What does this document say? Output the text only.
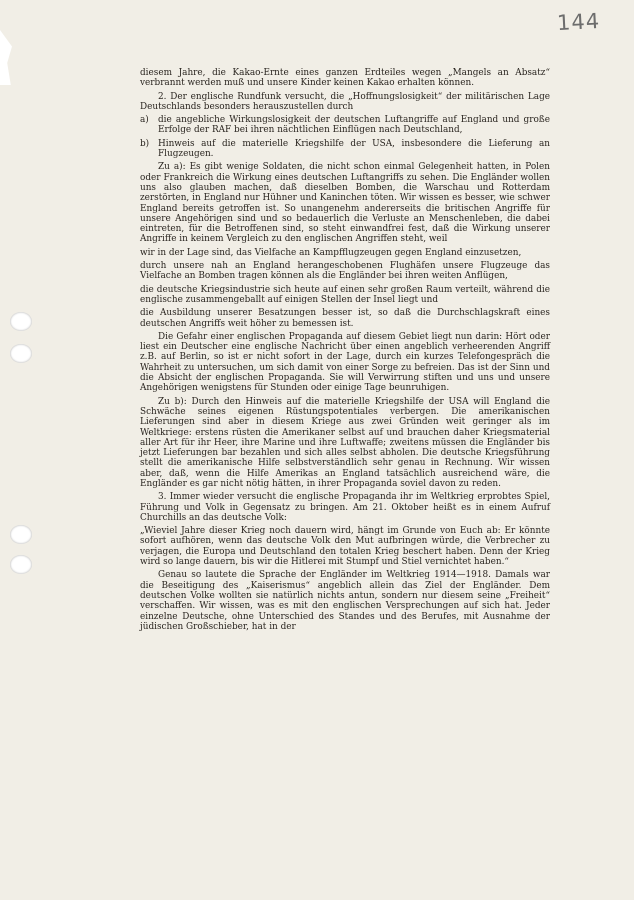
144

diesem Jahre, die Kakao-Ernte eines ganzen Erdteiles wegen „Mangels an Absatz“ verbrannt werden muß und unsere Kinder keinen Kakao erhalten können.

2. Der englische Rundfunk versucht, die „Hoffnungslosigkeit“ der militärischen Lage Deutschlands besonders herauszustellen durch

a)	die angebliche Wirkungslosigkeit der deutschen Luftangriffe auf England und große Erfolge der RAF bei ihren nächtlichen Einflügen nach Deutschland,
b) Hinweis auf die materielle Kriegshilfe der USA, insbesondere die Lieferung an Flugzeugen.

Zu a): Es gibt wenige Soldaten, die nicht schon einmal Gelegenheit hatten, in Polen oder Frankreich die Wirkung eines deutschen Luftangriffs zu sehen. Die Engländer wollen uns also glauben machen, daß dieselben Bomben, die Warschau und Rotterdam zerstörten, in England nur Hühner und Kaninchen töten. Wir wissen es besser, wie schwer England bereits getroffen ist. So unangenehm andererseits die britischen Angriffe für unsere Angehörigen sind und so bedauerlich die Verluste an Menschenleben, die dabei eintreten, für die Betroffenen sind, so steht einwandfrei fest, daß die Wirkung unserer Angriffe in keinem Vergleich zu den englischen Angriffen steht, weil

wir in der Lage sind, das Vielfache an Kampfflugzeugen gegen England einzusetzen,

durch unsere nah an England herangeschobenen Flughäfen unsere Flugzeuge das Vielfache an Bomben tragen können als die Engländer bei ihren weiten Anflügen,

die deutsche Kriegsindustrie sich heute auf einen sehr großen Raum verteilt, während die englische zusammengeballt auf einigen Stellen der Insel liegt und

die Ausbildung unserer Besatzungen besser ist, so daß die Durchschlagskraft eines deutschen Angriffs weit höher zu bemessen ist.

Die Gefahr einer englischen Propaganda auf diesem Gebiet liegt nun darin: Hört oder liest ein Deutscher eine englische Nachricht über einen angeblich verheerenden Angriff z.B. auf Berlin, so ist er nicht sofort in der Lage, durch ein kurzes Telefongespräch die Wahrheit zu untersuchen, um sich damit von einer Sorge zu befreien. Das ist der Sinn und die Absicht der englischen Propaganda. Sie will Verwirrung stiften und uns und unsere Angehörigen wenigstens für Stunden oder einige Tage beunruhigen.

Zu b): Durch den Hinweis auf die materielle Kriegshilfe der USA will England die Schwäche seines eigenen Rüstungspotentiales verbergen. Die amerikanischen Lieferungen sind aber in diesem Kriege aus zwei Gründen weit geringer als im Weltkriege: erstens rüsten die Amerikaner selbst auf und brauchen daher Kriegsmaterial aller Art für ihr Heer, ihre Marine und ihre Luftwaffe; zweitens müssen die Engländer bis jetzt Lieferungen bar bezahlen und sich alles selbst abholen. Die deutsche Kriegsführung stellt die amerikanische Hilfe selbstverständlich sehr genau in Rechnung. Wir wissen aber, daß, wenn die Hilfe Amerikas an England tatsächlich ausreichend wäre, die Engländer es gar nicht nötig hätten, in ihrer Propaganda soviel davon zu reden.

3. Immer wieder versucht die englische Propaganda ihr im Weltkrieg erprobtes Spiel, Führung und Volk in Gegensatz zu bringen. Am 21. Oktober heißt es in einem Aufruf Churchills an das deutsche Volk:

„Wieviel Jahre dieser Krieg noch dauern wird, hängt im Grunde von Euch ab: Er könnte sofort aufhören, wenn das deutsche Volk den Mut aufbringen würde, die Verbrecher zu verjagen, die Europa und Deutschland den totalen Krieg beschert haben. Denn der Krieg wird so lange dauern, bis wir die Hitlerei mit Stumpf und Stiel vernichtet haben.“

Genau so lautete die Sprache der Engländer im Weltkrieg 1914—1918. Damals war die Beseitigung des „Kaiserismus“ angeblich allein das Ziel der Engländer. Dem deutschen Volke wollten sie natürlich nichts antun, sondern nur diesem seine „Freiheit“ verschaffen. Wir wissen, was es mit den englischen Versprechungen auf sich hat. Jeder einzelne Deutsche, ohne Unterschied des Standes und des Berufes, mit Ausnahme der jüdischen Großschieber, hat in der
